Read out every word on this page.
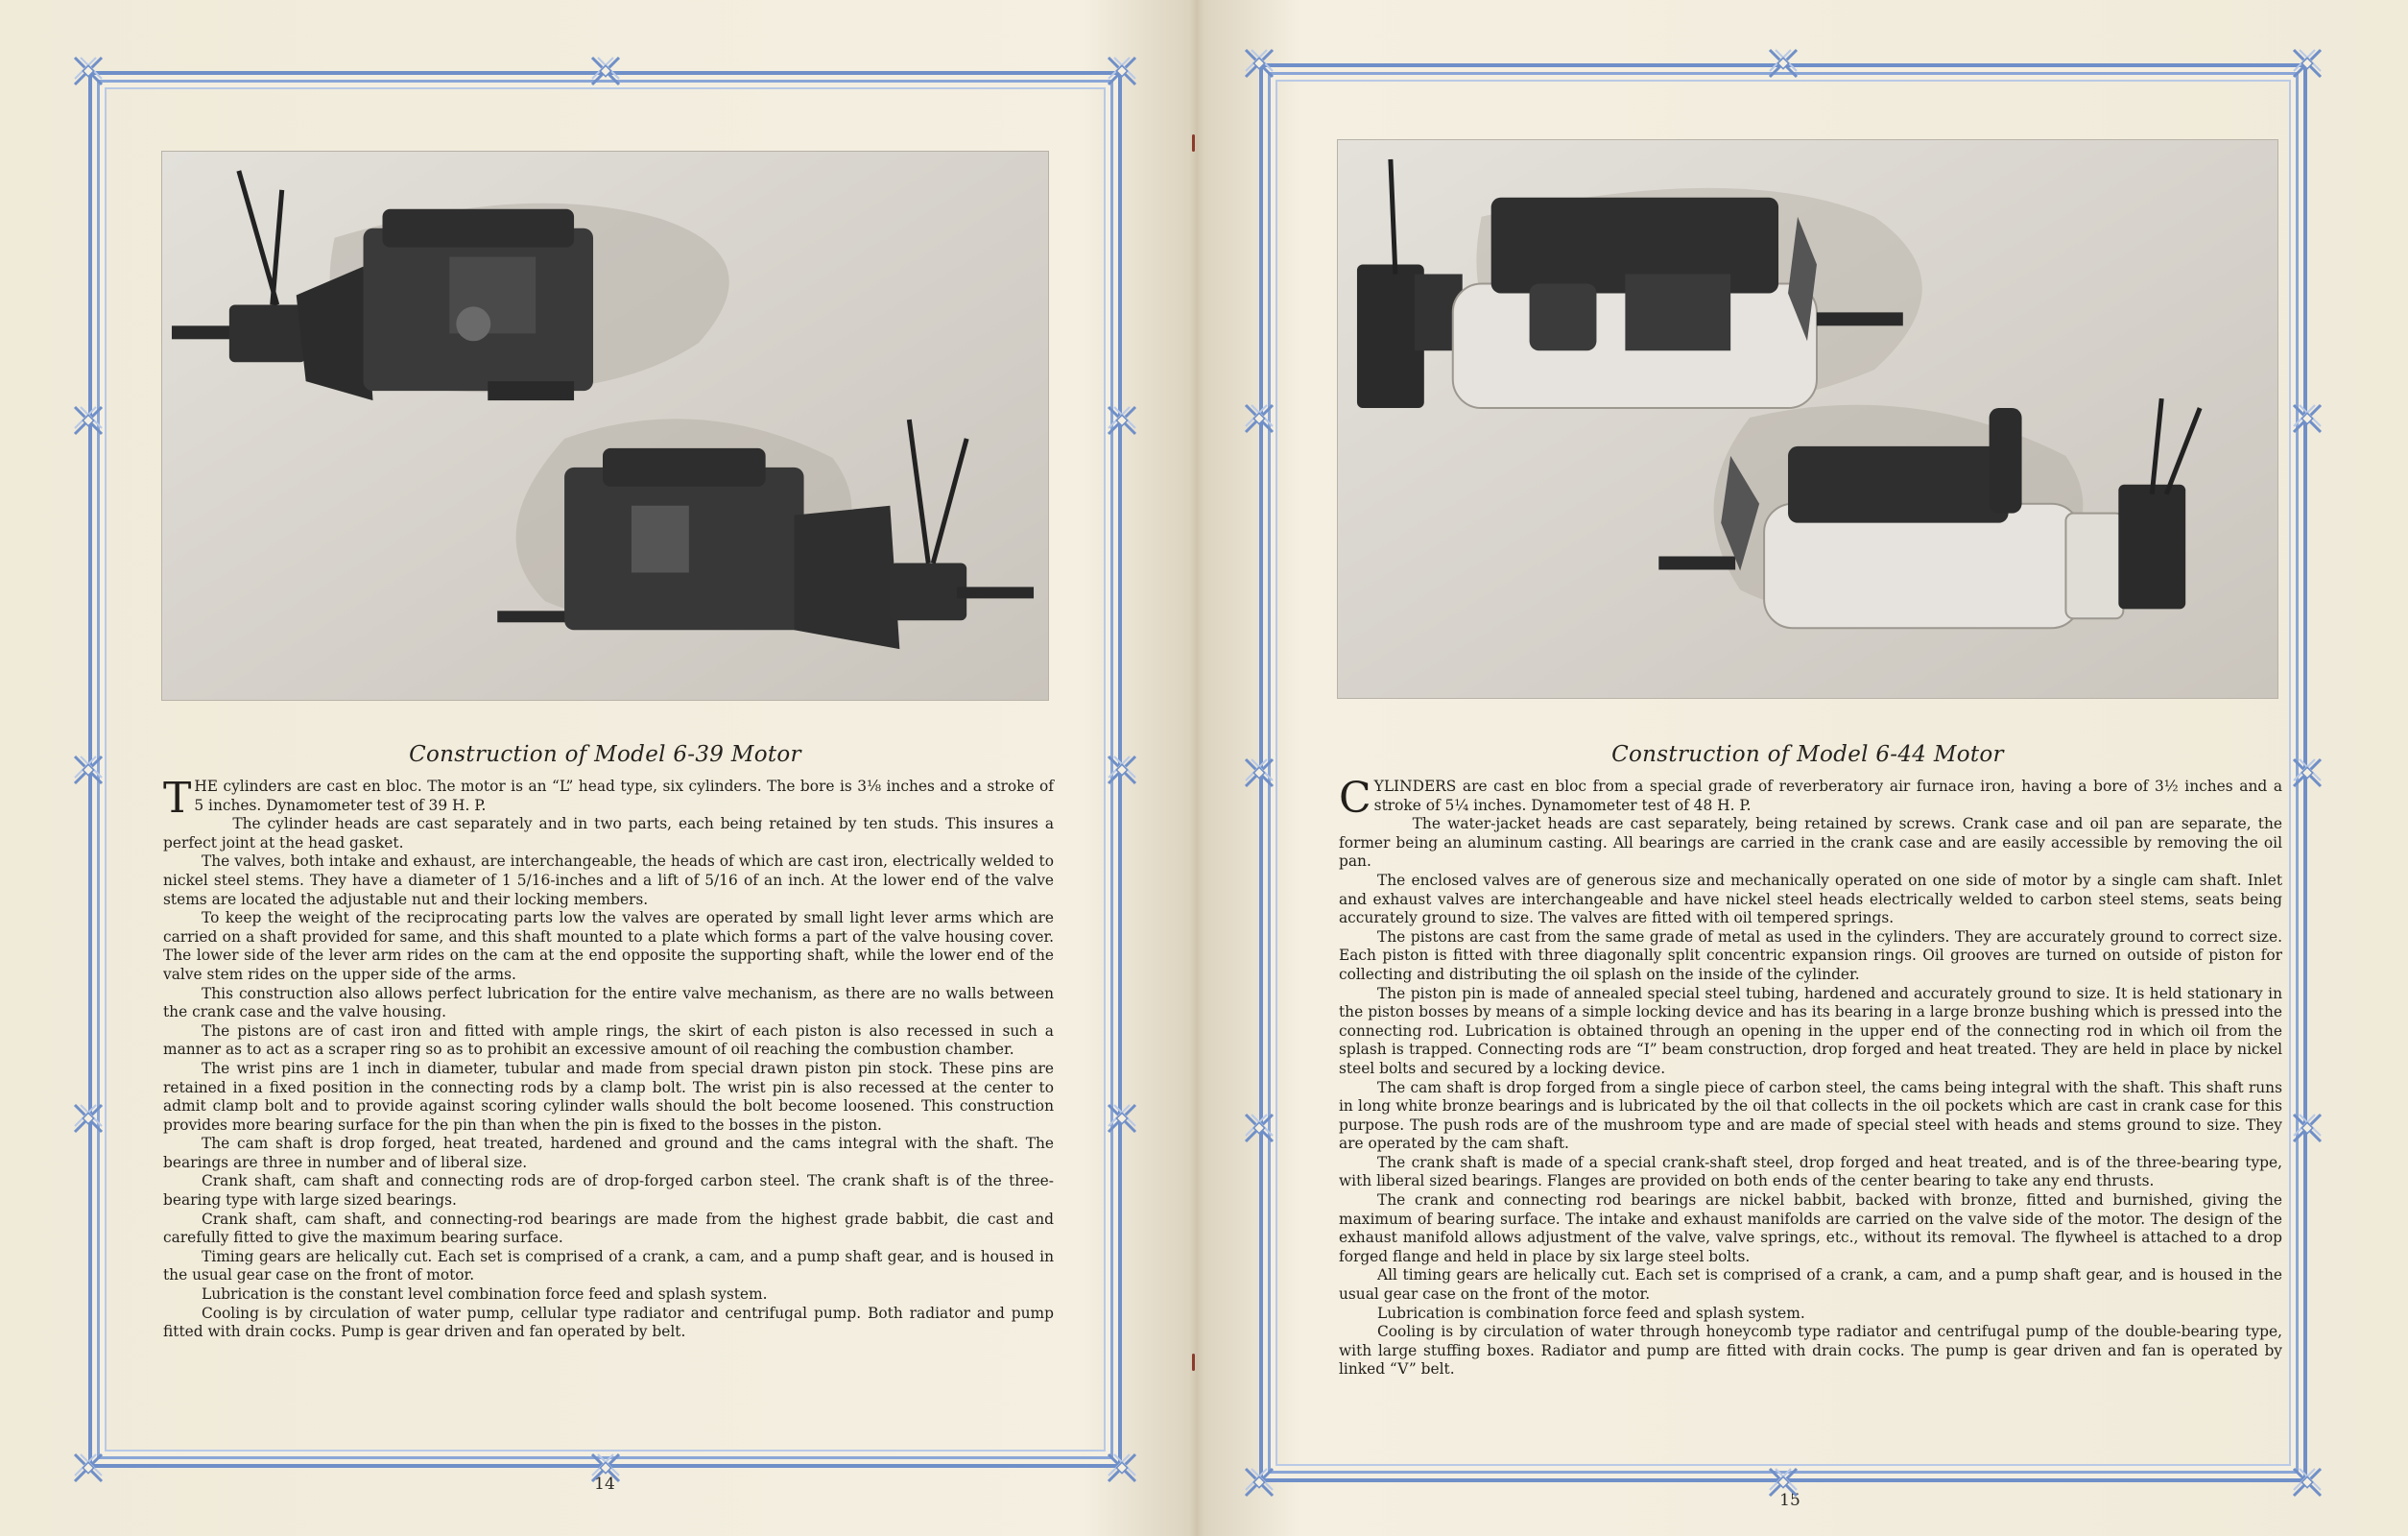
Construction of Model 6-39 Motor

THE cylinders are cast en bloc. The motor is an “L” head type, six cylinders. The bore is 3⅛ inches and a stroke of 5 inches. Dynamometer test of 39 H. P.

The cylinder heads are cast separately and in two parts, each being retained by ten studs. This insures a perfect joint at the head gasket.

The valves, both intake and exhaust, are interchangeable, the heads of which are cast iron, electrically welded to nickel steel stems. They have a diameter of 1 5/16-inches and a lift of 5/16 of an inch. At the lower end of the valve stems are located the adjustable nut and their locking members.

To keep the weight of the reciprocating parts low the valves are operated by small light lever arms which are carried on a shaft provided for same, and this shaft mounted to a plate which forms a part of the valve housing cover. The lower side of the lever arm rides on the cam at the end opposite the supporting shaft, while the lower end of the valve stem rides on the upper side of the arms.

This construction also allows perfect lubrication for the entire valve mechanism, as there are no walls between the crank case and the valve housing.

The pistons are of cast iron and fitted with ample rings, the skirt of each piston is also recessed in such a manner as to act as a scraper ring so as to prohibit an excessive amount of oil reaching the combustion chamber.

The wrist pins are 1 inch in diameter, tubular and made from special drawn piston pin stock. These pins are retained in a fixed position in the connecting rods by a clamp bolt. The wrist pin is also recessed at the center to admit clamp bolt and to provide against scoring cylinder walls should the bolt become loosened. This construction provides more bearing surface for the pin than when the pin is fixed to the bosses in the piston.

The cam shaft is drop forged, heat treated, hardened and ground and the cams integral with the shaft. The bearings are three in number and of liberal size.

Crank shaft, cam shaft and connecting rods are of drop-forged carbon steel. The crank shaft is of the three-bearing type with large sized bearings.

Crank shaft, cam shaft, and connecting-rod bearings are made from the highest grade babbit, die cast and carefully fitted to give the maximum bearing surface.

Timing gears are helically cut. Each set is comprised of a crank, a cam, and a pump shaft gear, and is housed in the usual gear case on the front of motor.

Lubrication is the constant level combination force feed and splash system.

Cooling is by circulation of water pump, cellular type radiator and centrifugal pump. Both radiator and pump fitted with drain cocks. Pump is gear driven and fan operated by belt.

14
Construction of Model 6-44 Motor

CYLINDERS are cast en bloc from a special grade of reverberatory air furnace iron, having a bore of 3½ inches and a stroke of 5¼ inches. Dynamometer test of 48 H. P.

The water-jacket heads are cast separately, being retained by screws. Crank case and oil pan are separate, the former being an aluminum casting. All bearings are carried in the crank case and are easily accessible by removing the oil pan.

The enclosed valves are of generous size and mechanically operated on one side of motor by a single cam shaft. Inlet and exhaust valves are interchangeable and have nickel steel heads electrically welded to carbon steel stems, seats being accurately ground to size. The valves are fitted with oil tempered springs.

The pistons are cast from the same grade of metal as used in the cylinders. They are accurately ground to correct size. Each piston is fitted with three diagonally split concentric expansion rings. Oil grooves are turned on outside of piston for collecting and distributing the oil splash on the inside of the cylinder.

The piston pin is made of annealed special steel tubing, hardened and accurately ground to size. It is held stationary in the piston bosses by means of a simple locking device and has its bearing in a large bronze bushing which is pressed into the connecting rod. Lubrication is obtained through an opening in the upper end of the connecting rod in which oil from the splash is trapped. Connecting rods are “I” beam construction, drop forged and heat treated. They are held in place by nickel steel bolts and secured by a locking device.

The cam shaft is drop forged from a single piece of carbon steel, the cams being integral with the shaft. This shaft runs in long white bronze bearings and is lubricated by the oil that collects in the oil pockets which are cast in crank case for this purpose. The push rods are of the mushroom type and are made of special steel with heads and stems ground to size. They are operated by the cam shaft.

The crank shaft is made of a special crank-shaft steel, drop forged and heat treated, and is of the three-bearing type, with liberal sized bearings. Flanges are provided on both ends of the center bearing to take any end thrusts.

The crank and connecting rod bearings are nickel babbit, backed with bronze, fitted and burnished, giving the maximum of bearing surface. The intake and exhaust manifolds are carried on the valve side of the motor. The design of the exhaust manifold allows adjustment of the valve, valve springs, etc., without its removal. The flywheel is attached to a drop forged flange and held in place by six large steel bolts.

All timing gears are helically cut. Each set is comprised of a crank, a cam, and a pump shaft gear, and is housed in the usual gear case on the front of the motor.

Lubrication is combination force feed and splash system.

Cooling is by circulation of water through honeycomb type radiator and centrifugal pump of the double-bearing type, with large stuffing boxes. Radiator and pump are fitted with drain cocks. The pump is gear driven and fan is operated by linked “V” belt.

15
